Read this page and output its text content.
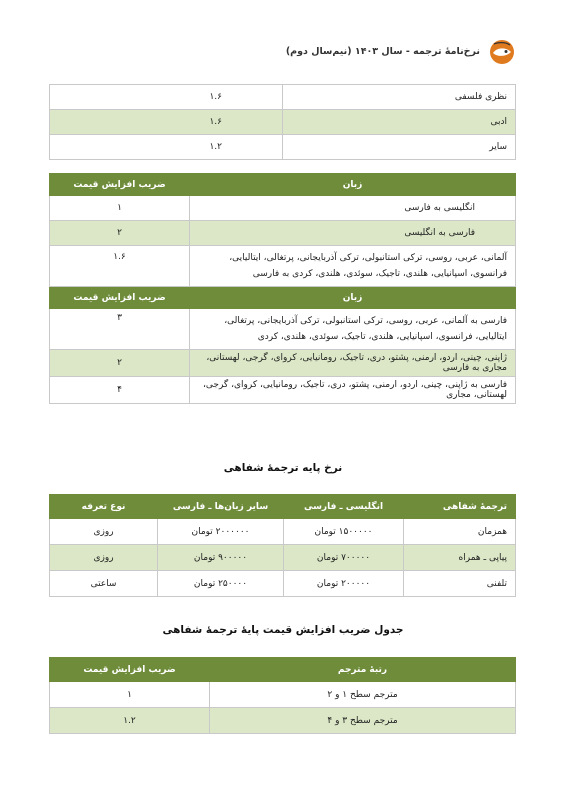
نرخ‌نامهٔ ترجمه - سال ۱۴۰۳ (نیم‌سال دوم)
نظری فلسفی	۱.۶
ادبی	۱.۶
سایر	۱.۲
زبان	ضریب افزایش قیمت
انگلیسی به فارسی	۱
فارسی به انگلیسی	۲
آلمانی، عربی، روسی، ترکی استانبولی، ترکی آذربایجانی، پرتغالی، ایتالیایی، فرانسوی، اسپانیایی، هلندی، تاجیک، سوئدی، هلندی، کردی به فارسی	۱.۶
زبان	ضریب افزایش قیمت
فارسی به آلمانی، عربی، روسی، ترکی استانبولی، ترکی آذربایجانی، پرتغالی، ایتالیایی، فرانسوی، اسپانیایی، هلندی، تاجیک، سوئدی، هلندی، کردی	۳
ژاپنی، چینی، اردو، ارمنی، پشتو، دری، تاجیک، رومانیایی، کروای، گرجی، لهستانی، مجاری به فارسی	۲
فارسی به ژاپنی، چینی، اردو، ارمنی، پشتو، دری، تاجیک، رومانیایی، کروای، گرجی، لهستانی، مجاری	۴
نرخ پایه ترجمهٔ شفاهی
ترجمهٔ شفاهی	انگلیسی ـ فارسی	سایر زبان‌ها ـ فارسی	نوع تعرفه
همزمان	۱۵۰۰۰۰۰ تومان	۲۰۰۰۰۰۰ تومان	روزی
پیاپی ـ همراه	۷۰۰۰۰۰ تومان	۹۰۰۰۰۰ تومان	روزی
تلفنی	۲۰۰۰۰۰ تومان	۲۵۰۰۰۰ تومان	ساعتی
جدول ضریب افزایش قیمت پایهٔ ترجمهٔ شفاهی
رتبهٔ مترجم	ضریب افزایش قیمت
مترجم سطح ۱ و ۲	۱
مترجم سطح ۳ و ۴	۱.۲
